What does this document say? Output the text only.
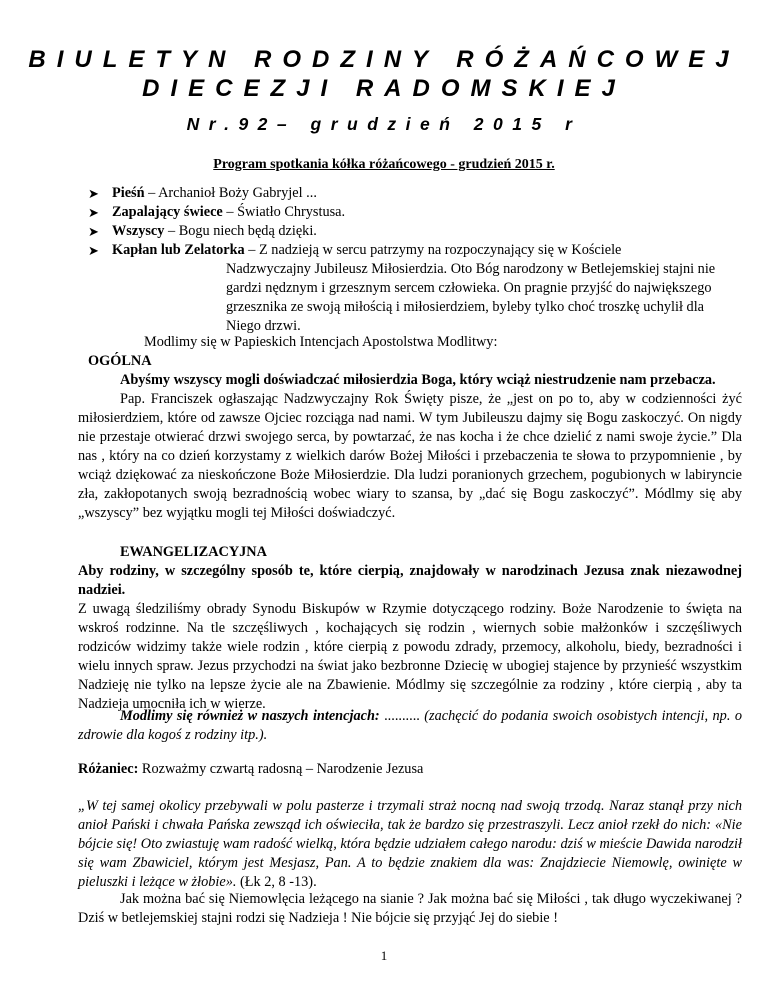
BIULETYN RODZINY RÓŻAŃCOWEJ
DIECEZJI RADOMSKIEJ
Nr.92– grudzień 2015 r
Program spotkania kółka różańcowego - grudzień 2015 r.
➤ Pieśń – Archanioł Boży Gabryjel ...
➤ Zapalający świece – Światło Chrystusa.
➤ Wszyscy – Bogu niech będą dzięki.
➤ Kapłan lub Zelatorka – Z nadzieją w sercu patrzymy na rozpoczynający się w Kościele
Nadzwyczajny Jubileusz Miłosierdzia. Oto Bóg narodzony w Betlejemskiej stajni nie gardzi nędznym i grzesznym sercem człowieka. On pragnie przyjść do największego grzesznika ze swoją miłością i miłosierdziem, byleby tylko choć troszkę uchylił dla Niego drzwi.
Modlimy się w Papieskich Intencjach Apostolstwa Modlitwy:
OGÓLNA
Abyśmy wszyscy mogli doświadczać miłosierdzia Boga, który wciąż niestrudzenie nam przebacza.
Pap. Franciszek ogłaszając Nadzwyczajny Rok Święty pisze, że „jest on po to, aby w codzienności żyć miłosierdziem, które od zawsze Ojciec rozciąga nad nami. W tym Jubileuszu dajmy się Bogu zaskoczyć. On nigdy nie przestaje otwierać drzwi swojego serca, by powtarzać, że nas kocha i że chce dzielić z nami swoje życie.” Dla nas , który na co dzień korzystamy z wielkich darów Bożej Miłości i przebaczenia te słowa to przypomnienie , by wciąż dziękować za nieskończone Boże Miłosierdzie. Dla ludzi poranionych grzechem, pogubionych w labiryncie zła, zakłopotanych swoją bezradnością wobec wiary to szansa, by „dać się Bogu zaskoczyć”. Módlmy się aby „wszyscy” bez wyjątku mogli tej Miłości doświadczyć.
EWANGELIZACYJNA
Aby rodziny, w szczególny sposób te, które cierpią, znajdowały w narodzinach Jezusa znak niezawodnej nadziei.
Z uwagą śledziliśmy obrady Synodu Biskupów w Rzymie dotyczącego rodziny. Boże Narodzenie to święta na wskroś rodzinne. Na tle szczęśliwych , kochających się rodzin , wiernych sobie małżonków i szczęśliwych rodziców widzimy także wiele rodzin , które cierpią z powodu zdrady, przemocy, alkoholu, biedy, bezradności i wielu innych spraw. Jezus przychodzi na świat jako bezbronne Dziecię w ubogiej stajence by przynieść wszystkim Nadzieję nie tylko na lepsze życie ale na Zbawienie. Módlmy się szczególnie za rodziny , które cierpią , aby ta Nadzieja umocniła ich w wierze.
Modlimy się również w naszych intencjach: .......... (zachęcić do podania swoich osobistych intencji, np. o zdrowie dla kogoś z rodziny itp.).
Różaniec: Rozważmy czwartą radosną – Narodzenie Jezusa
„W tej samej okolicy przebywali w polu pasterze i trzymali straż nocną nad swoją trzodą. Naraz stanął przy nich anioł Pański i chwała Pańska zewsząd ich oświeciła, tak że bardzo się przestraszyli. Lecz anioł rzekł do nich: «Nie bójcie się! Oto zwiastuję wam radość wielką, która będzie udziałem całego narodu: dziś w mieście Dawida narodził się wam Zbawiciel, którym jest Mesjasz, Pan. A to będzie znakiem dla was: Znajdziecie Niemowlę, owinięte w pieluszki i leżące w żłobie». (Łk 2, 8 -13).
Jak można bać się Niemowlęcia leżącego na sianie ? Jak można bać się Miłości , tak długo wyczekiwanej ? Dziś w betlejemskiej stajni rodzi się Nadzieja ! Nie bójcie się przyjąć Jej do siebie !
1
